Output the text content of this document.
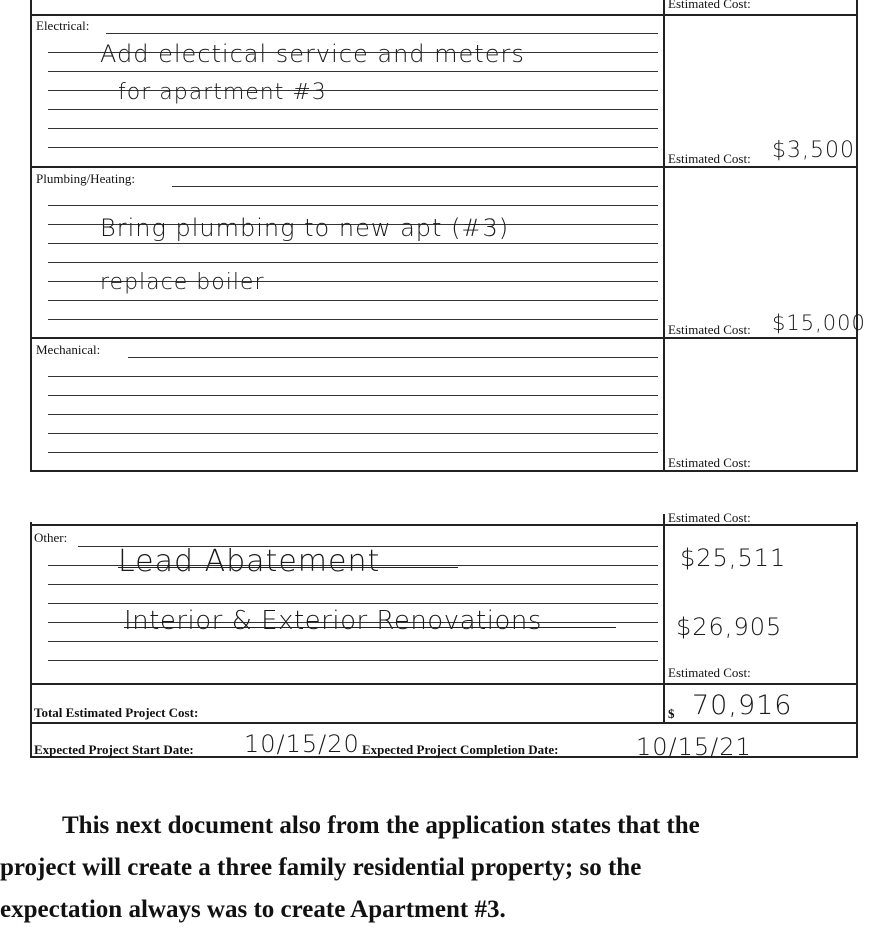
Estimated Cost:
Electrical:
Add electical service and meters
for apartment #3
Estimated Cost: $3,500
Plumbing/Heating:
Bring plumbing to new apt (#3)
replace boiler
Estimated Cost: $15,000
Mechanical:
Estimated Cost:
Estimated Cost:
Other:
Lead Abatement
Interior & Exterior Renovations
$25,511
$26,905
Estimated Cost:
Total Estimated Project Cost:	$ 70,916
Expected Project Start Date: 10/15/20 Expected Project Completion Date:	10/15/21
This next document also from the application states that the
project will create a three family residential property; so the
expectation always was to create Apartment #3.
